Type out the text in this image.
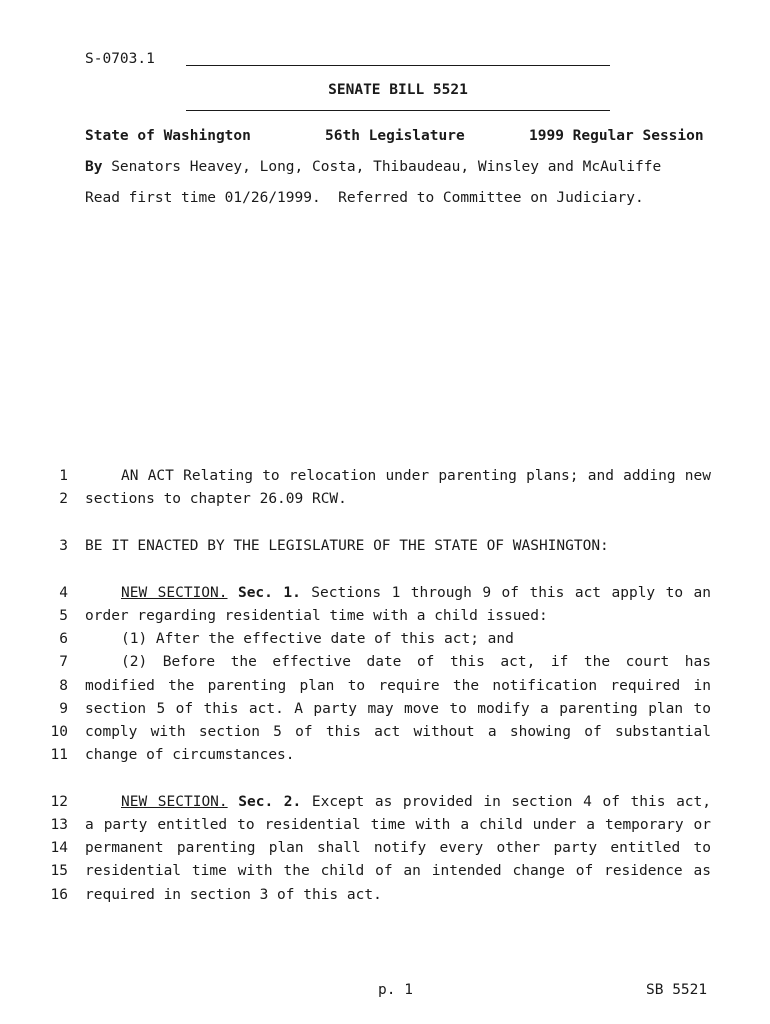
S-0703.1
SENATE BILL 5521
State of Washington	56th Legislature	1999 Regular Session
By Senators Heavey, Long, Costa, Thibaudeau, Winsley and McAuliffe
Read first time 01/26/1999.  Referred to Committee on Judiciary.
1	AN ACT Relating to relocation under parenting plans; and adding new
2 sections to chapter 26.09 RCW.
3 BE IT ENACTED BY THE LEGISLATURE OF THE STATE OF WASHINGTON:
4	NEW SECTION. Sec. 1. Sections 1 through 9 of this act apply to an
5 order regarding residential time with a child issued:
6	(1) After the effective date of this act; and
7	(2) Before the effective date of this act, if the court has
8 modified the parenting plan to require the notification required in
9 section 5 of this act. A party may move to modify a parenting plan to
10 comply with section 5 of this act without a showing of substantial
11 change of circumstances.
12	NEW SECTION. Sec. 2. Except as provided in section 4 of this act,
13 a party entitled to residential time with a child under a temporary or
14 permanent parenting plan shall notify every other party entitled to
15 residential time with the child of an intended change of residence as
16 required in section 3 of this act.
p. 1	SB 5521
